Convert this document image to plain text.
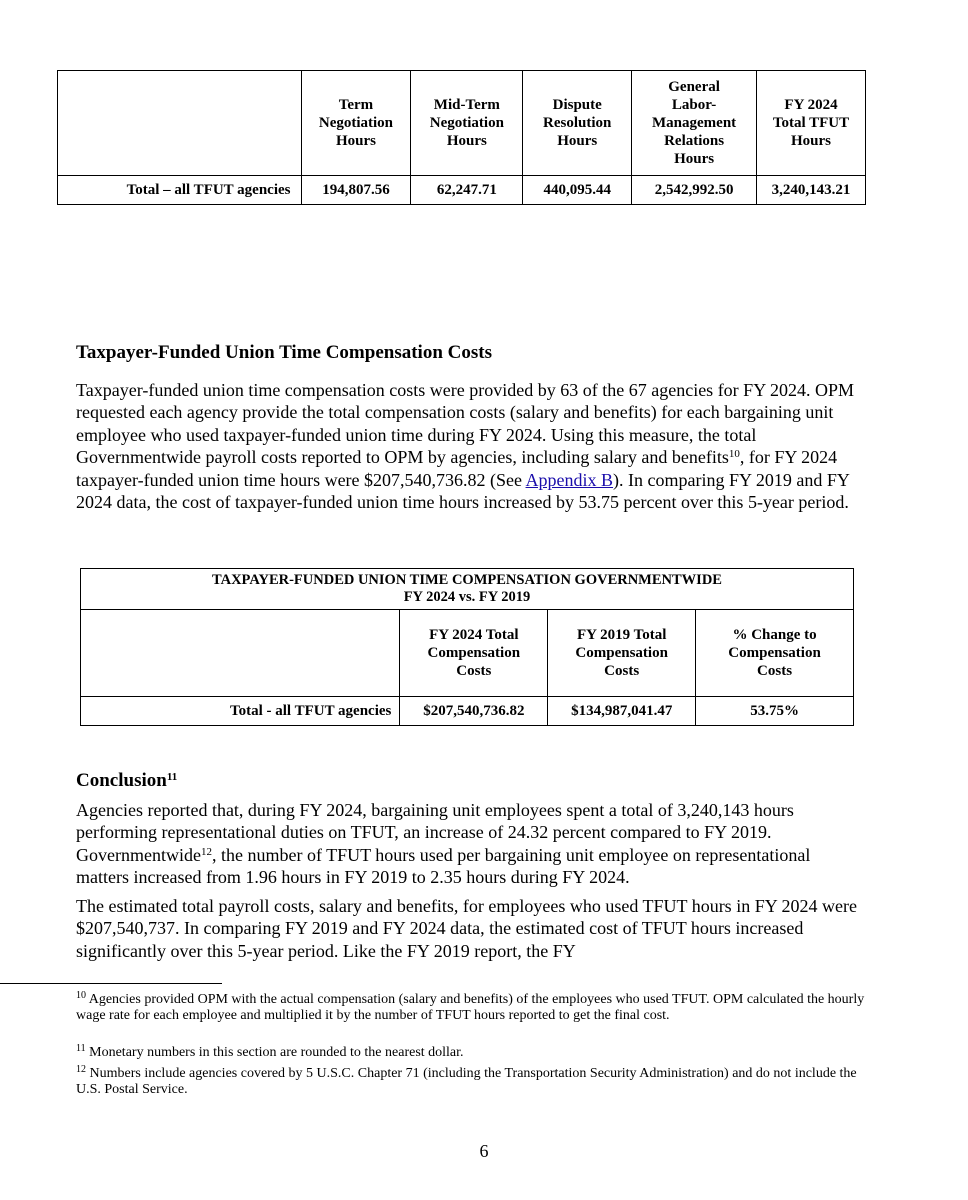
	Term
Negotiation
Hours	Mid-Term
Negotiation
Hours	Dispute
Resolution
Hours	General
Labor-
Management
Relations
Hours	FY 2024
Total TFUT
Hours
Total – all TFUT agencies	194,807.56	62,247.71	440,095.44	2,542,992.50	3,240,143.21
Taxpayer-Funded Union Time Compensation Costs

Taxpayer-funded union time compensation costs were provided by 63 of the 67 agencies for FY 2024. OPM requested each agency provide the total compensation costs (salary and benefits) for each bargaining unit employee who used taxpayer-funded union time during FY 2024. Using this measure, the total Governmentwide payroll costs reported to OPM by agencies, including salary and benefits$^{10}$, for FY 2024 taxpayer-funded union time hours were $207,540,736.82 (See Appendix B). In comparing FY 2019 and FY 2024 data, the cost of taxpayer-funded union time hours increased by 53.75 percent over this 5-year period.

TAXPAYER-FUNDED UNION TIME COMPENSATION GOVERNMENTWIDE
FY 2024 vs. FY 2019			
	FY 2024 Total
Compensation
Costs	FY 2019 Total
Compensation
Costs	% Change to
Compensation
Costs
Total - all TFUT agencies	$207,540,736.82	$134,987,041.47	53.75%
Conclusion$^{11}$

Agencies reported that, during FY 2024, bargaining unit employees spent a total of 3,240,143 hours performing representational duties on TFUT, an increase of 24.32 percent compared to FY 2019. Governmentwide$^{12}$, the number of TFUT hours used per bargaining unit employee on representational matters increased from 1.96 hours in FY 2019 to 2.35 hours during FY 2024.

The estimated total payroll costs, salary and benefits, for employees who used TFUT hours in FY 2024 were $207,540,737. In comparing FY 2019 and FY 2024 data, the estimated cost of TFUT hours increased significantly over this 5-year period. Like the FY 2019 report, the FY

$^{10}$ Agencies provided OPM with the actual compensation (salary and benefits) of the employees who used TFUT. OPM calculated the hourly wage rate for each employee and multiplied it by the number of TFUT hours reported to get the final cost.

$^{11}$ Monetary numbers in this section are rounded to the nearest dollar.

$^{12}$ Numbers include agencies covered by 5 U.S.C. Chapter 71 (including the Transportation Security Administration) and do not include the U.S. Postal Service.

6
